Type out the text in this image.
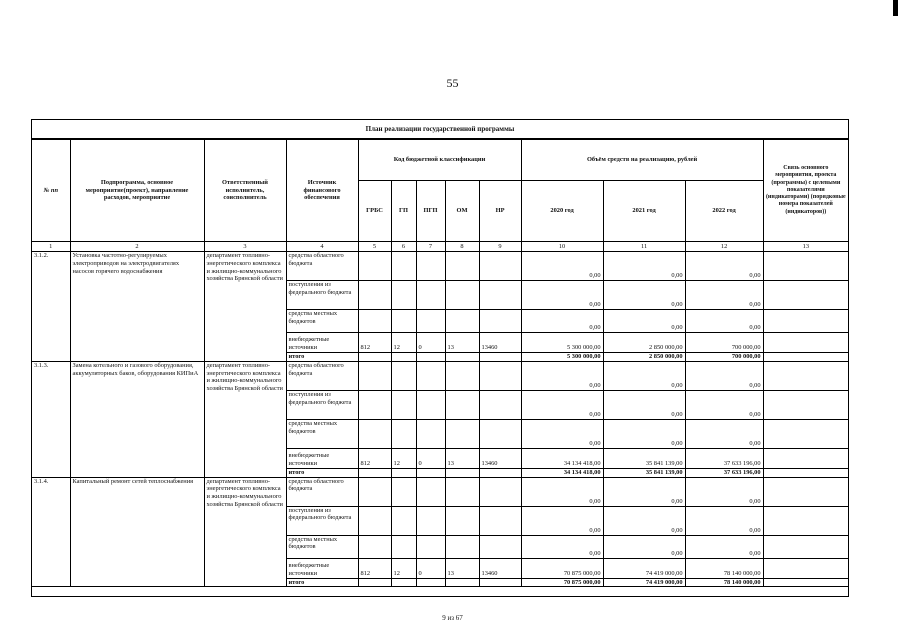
55
План реализации государственной программы
№ пп	Подпрограмма, основное мероприятие(проект), направление расходов, мероприятие	Ответственный исполнитель, соисполнитель	Источник финансового обеспечения	Код бюджетной классификации					Объём средств на реализацию, рублей			Связь основного мероприятия, проекта (программы) с целевыми показателями (индикаторами) (порядковые номера показателей (индикаторов))
				ГРБС	ГП	ПГП	ОМ	НР	2020 год	2021 год	2022 год	
1	2	3	4	5	6	7	8	9	10	11	12	13
3.1.2.	Установка частотно-регулируемых электроприводов на электродвигателях насосов горячего водоснабжения	департамент топливно-энергетического комплекса и жилищно-коммунального хозяйства Брянской области	средства областного бюджета						0,00	0,00	0,00	
			поступления из федерального бюджета						0,00	0,00	0,00	
			средства местных бюджетов						0,00	0,00	0,00	
			внебюджетные источники	812	12	0	13	13460	5 300 000,00	2 850 000,00	700 000,00	
			итого						5 300 000,00	2 850 000,00	700 000,00	
3.1.3.	Замена котельного и газового оборудования, аккумуляторных баков, оборудования КИПиА	департамент топливно-энергетического комплекса и жилищно-коммунального хозяйства Брянской области	средства областного бюджета						0,00	0,00	0,00	
			поступления из федерального бюджета						0,00	0,00	0,00	
			средства местных бюджетов						0,00	0,00	0,00	
			внебюджетные источники	812	12	0	13	13460	34 134 418,00	35 841 139,00	37 633 196,00	
			итого						34 134 418,00	35 841 139,00	37 633 196,00	
3.1.4.	Капитальный ремонт сетей теплоснабжения	департамент топливно-энергетического комплекса и жилищно-коммунального хозяйства Брянской области	средства областного бюджета						0,00	0,00	0,00	
			поступления из федерального бюджета						0,00	0,00	0,00	
			средства местных бюджетов						0,00	0,00	0,00	
			внебюджетные источники	812	12	0	13	13460	70 875 000,00	74 419 000,00	78 140 000,00	
			итого						70 875 000,00	74 419 000,00	78 140 000,00	
9 из 67
